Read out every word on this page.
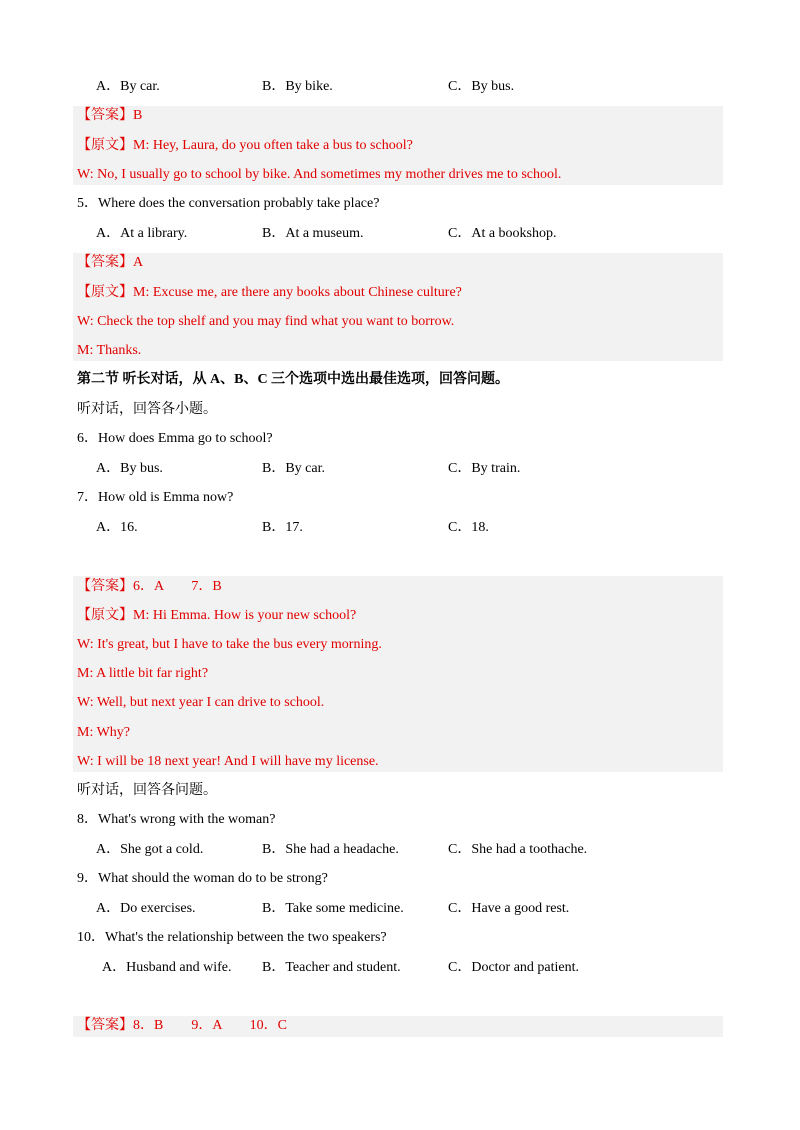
A．By car.	B．By bike.	C．By bus.
【答案】B
【原文】M: Hey, Laura, do you often take a bus to school?
W: No, I usually go to school by bike. And sometimes my mother drives me to school.
5．Where does the conversation probably take place?
A．At a library.	B．At a museum.	C．At a bookshop.
【答案】A
【原文】M: Excuse me, are there any books about Chinese culture?
W: Check the top shelf and you may find what you want to borrow.
M: Thanks.
第二节 听长对话，从 A、B、C 三个选项中选出最佳选项，回答问题。
听对话，回答各小题。
6．How does Emma go to school?
A．By bus.	B．By car.	C．By train.
7．How old is Emma now?
A．16.	B．17.	C．18.
【答案】6．A　　7．B
【原文】M: Hi Emma. How is your new school?
W: It's great, but I have to take the bus every morning.
M: A little bit far right?
W: Well, but next year I can drive to school.
M: Why?
W: I will be 18 next year! And I will have my license.
听对话，回答各问题。
8．What's wrong with the woman?
A．She got a cold.	B．She had a headache.	C．She had a toothache.
9．What should the woman do to be strong?
A．Do exercises.	B．Take some medicine.	C．Have a good rest.
10．What's the relationship between the two speakers?
A．Husband and wife. B．Teacher and student.	C．Doctor and patient.
【答案】8．B　　9．A　　10．C
